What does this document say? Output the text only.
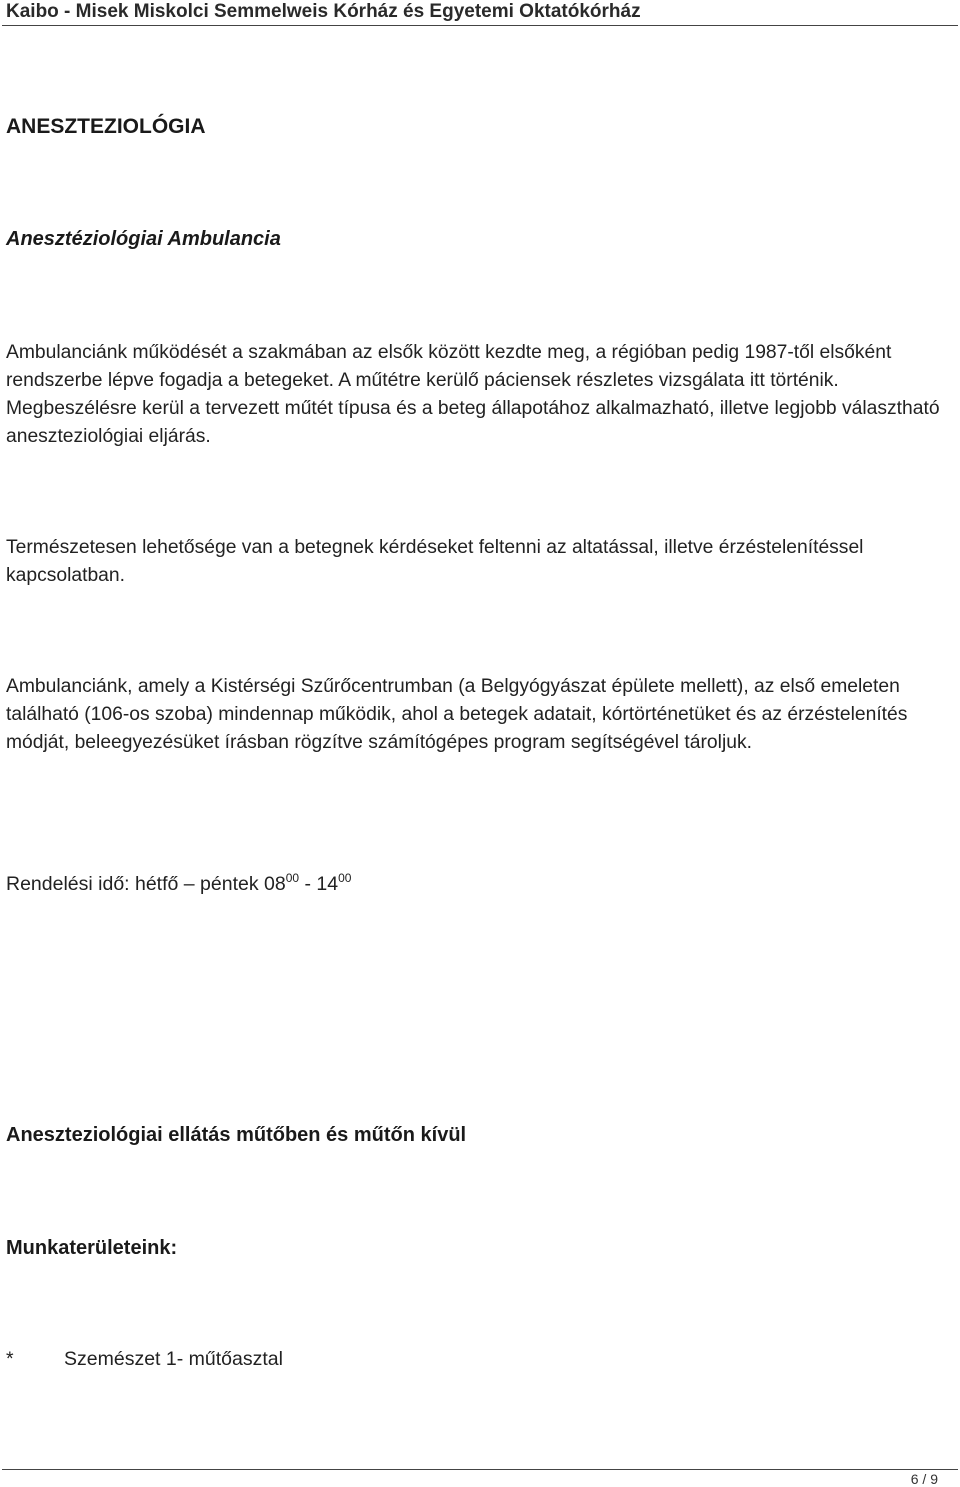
Kaibo - Misek Miskolci Semmelweis Kórház és Egyetemi Oktatókórház
ANESZTEZIOLÓGIA
Anesztéziológiai Ambulancia

Ambulanciánk működését a szakmában az elsők között kezdte meg, a régióban pedig 1987-től elsőként rendszerbe lépve fogadja a betegeket. A műtétre kerülő páciensek részletes vizsgálata itt történik. Megbeszélésre kerül a tervezett műtét típusa és a beteg állapotához alkalmazható, illetve legjobb választható aneszteziológiai eljárás.

Természetesen lehetősége van a betegnek kérdéseket feltenni az altatással, illetve érzéstelenítéssel kapcsolatban.

Ambulanciánk, amely a Kistérségi Szűrőcentrumban (a Belgyógyászat épülete mellett), az első emeleten található (106-os szoba) mindennap működik, ahol a betegek adatait, kórtörténetüket és az érzéstelenítés módját, beleegyezésüket írásban rögzítve számítógépes program segítségével tároljuk.

Rendelési idő: hétfő – péntek $08^{00} - 14^{00}$
Aneszteziológiai ellátás műtőben és műtőn kívül
Munkaterületeink:
*	Szemészet 1- műtőasztal
6 / 9
